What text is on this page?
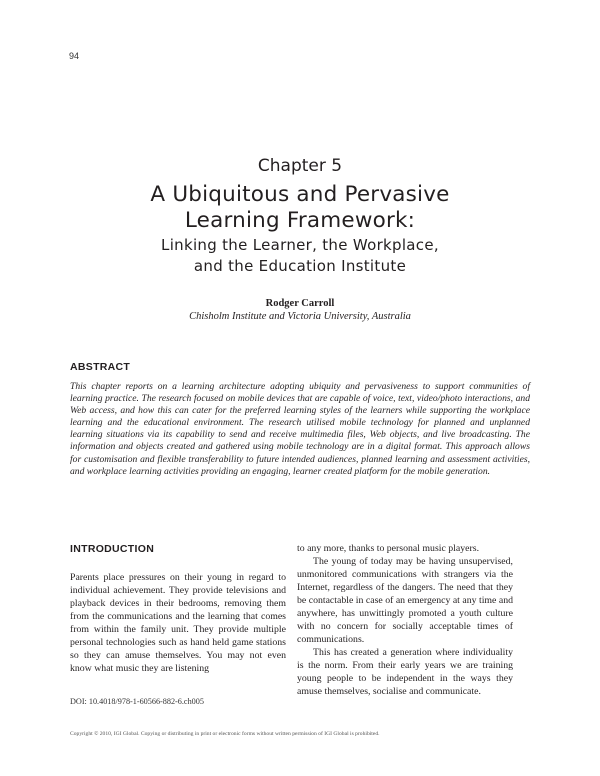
94
Chapter 5
A Ubiquitous and Pervasive
Learning Framework:
Linking the Learner, the Workplace,
and the Education Institute
Rodger Carroll
Chisholm Institute and Victoria University, Australia
ABSTRACT
This chapter reports on a learning architecture adopting ubiquity and pervasiveness to support communities of learning practice. The research focused on mobile devices that are capable of voice, text, video/photo interactions, and Web access, and how this can cater for the preferred learning styles of the learners while supporting the workplace learning and the educational environment. The research utilised mobile technology for planned and unplanned learning situations via its capability to send and receive multimedia files, Web objects, and live broadcasting. The information and objects created and gathered using mobile technology are in a digital format. This approach allows for customisation and flexible transferability to future intended audiences, planned learning and assessment activities, and workplace learning activities providing an engaging, learner created platform for the mobile generation.
INTRODUCTION

Parents place pressures on their young in regard to individual achievement. They provide televisions and playback devices in their bedrooms, removing them from the communications and the learning that comes from within the family unit. They provide multiple personal technologies such as hand held game stations so they can amuse themselves. You may not even know what music they are listening

to any more, thanks to personal music players.

The young of today may be having unsupervised, unmonitored communications with strangers via the Internet, regardless of the dangers. The need that they be contactable in case of an emergency at any time and anywhere, has unwittingly promoted a youth culture with no concern for socially acceptable times of communications.

This has created a generation where individuality is the norm. From their early years we are training young people to be independent in the ways they amuse themselves, socialise and communicate.

DOI: 10.4018/978-1-60566-882-6.ch005
Copyright © 2010, IGI Global. Copying or distributing in print or electronic forms without written permission of IGI Global is prohibited.
